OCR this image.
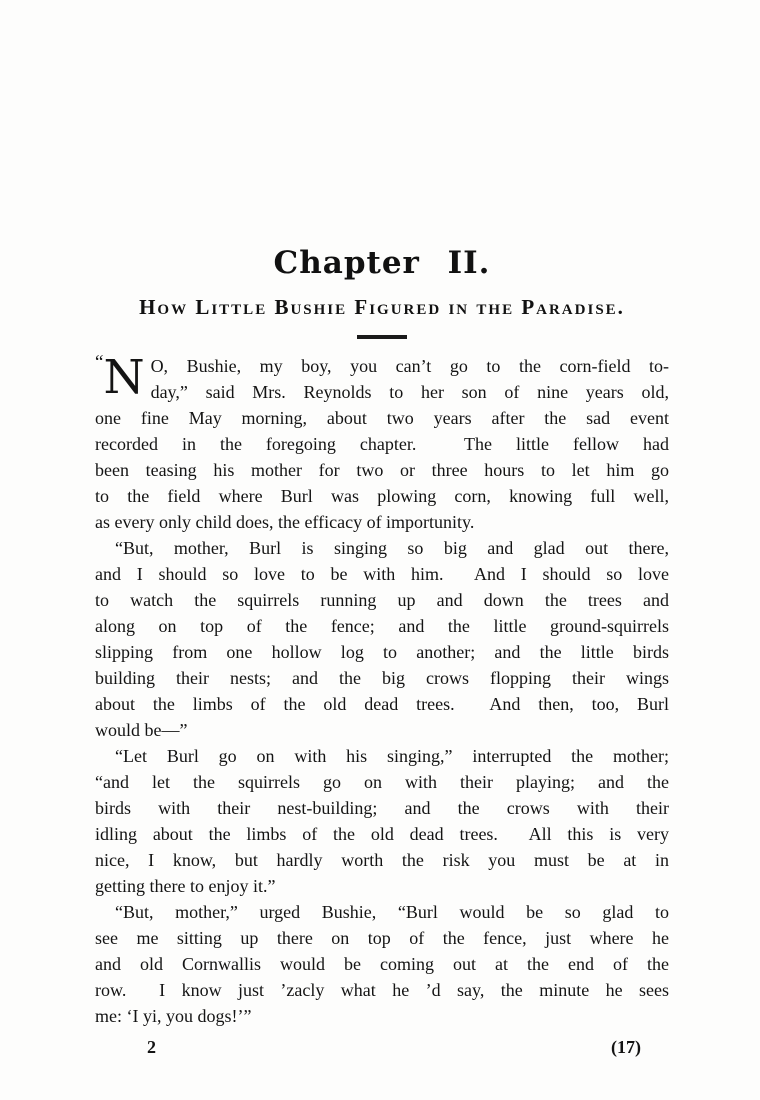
Chapter II.
How Little Bushie Figured in the Paradise.
“N O, Bushie, my boy, you can’t go to the corn-field to-
day,” said Mrs. Reynolds to her son of nine years old,
one fine May morning, about two years after the sad event
recorded in the foregoing chapter.  The little fellow had
been teasing his mother for two or three hours to let him go
to the field where Burl was plowing corn, knowing full well,
as every only child does, the efficacy of importunity.
“But, mother, Burl is singing so big and glad out there,
and I should so love to be with him.  And I should so love
to watch the squirrels running up and down the trees and
along on top of the fence; and the little ground-squirrels
slipping from one hollow log to another; and the little birds
building their nests; and the big crows flopping their wings
about the limbs of the old dead trees.  And then, too, Burl
would be—”
“Let Burl go on with his singing,” interrupted the mother;
“and let the squirrels go on with their playing; and the
birds with their nest-building; and the crows with their
idling about the limbs of the old dead trees.  All this is very
nice, I know, but hardly worth the risk you must be at in
getting there to enjoy it.”
“But, mother,” urged Bushie, “Burl would be so glad to
see me sitting up there on top of the fence, just where he
and old Cornwallis would be coming out at the end of the
row.  I know just ’zacly what he ’d say, the minute he sees
me: ‘I yi, you dogs!’”
2	(17)
